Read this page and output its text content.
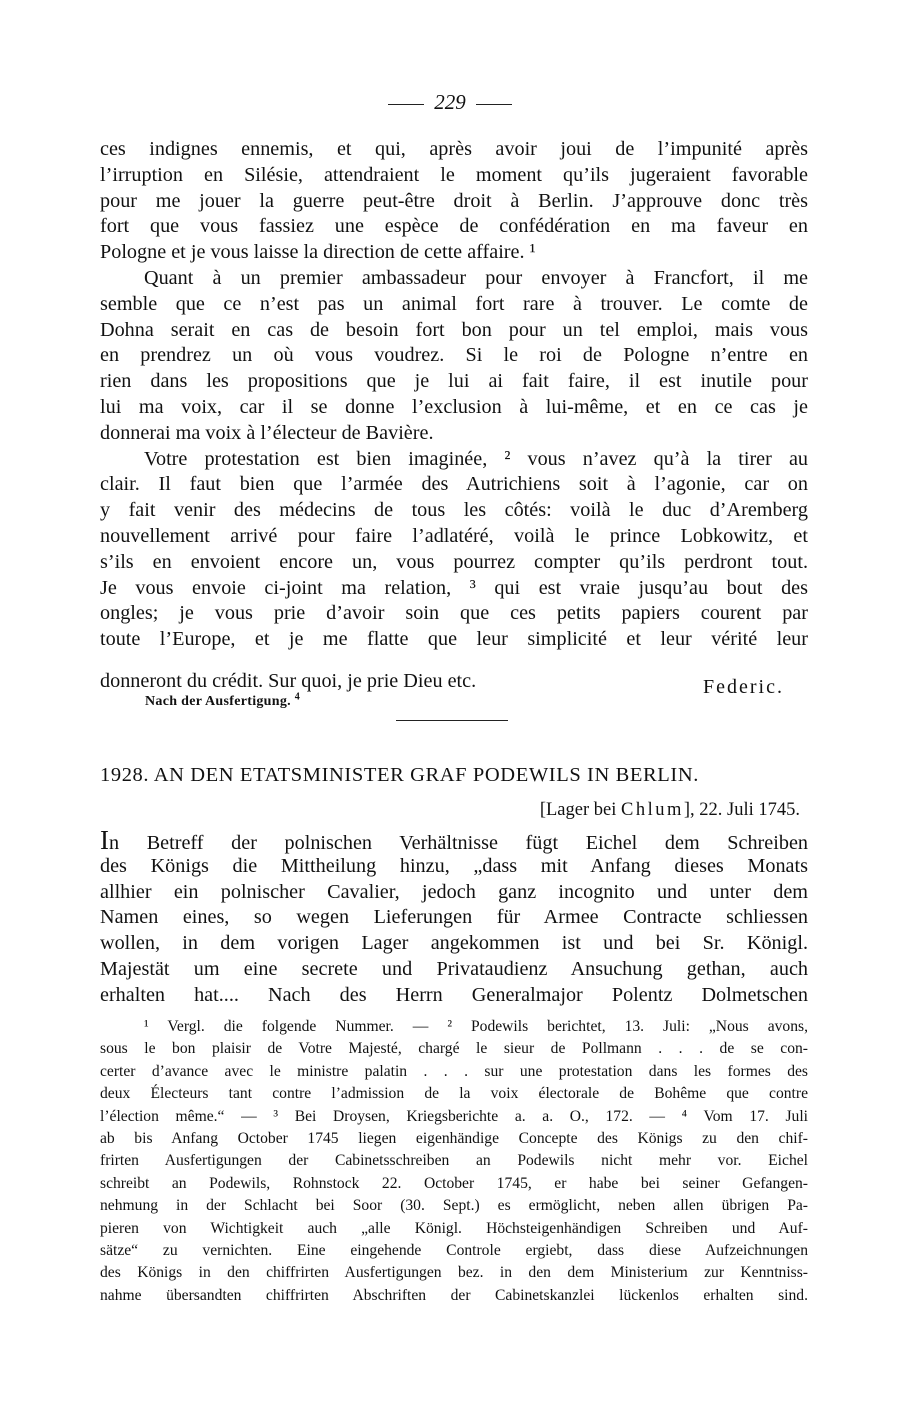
229
ces indignes ennemis, et qui, après avoir joui de l’impunité après
l’irruption en Silésie, attendraient le moment qu’ils jugeraient favorable
pour me jouer la guerre peut-être droit à Berlin. J’approuve donc très
fort que vous fassiez une espèce de confédération en ma faveur en
Pologne et je vous laisse la direction de cette affaire. ¹
Quant à un premier ambassadeur pour envoyer à Francfort, il me
semble que ce n’est pas un animal fort rare à trouver. Le comte de
Dohna serait en cas de besoin fort bon pour un tel emploi, mais vous
en prendrez un où vous voudrez. Si le roi de Pologne n’entre en
rien dans les propositions que je lui ai fait faire, il est inutile pour
lui ma voix, car il se donne l’exclusion à lui-même, et en ce cas je
donnerai ma voix à l’électeur de Bavière.
Votre protestation est bien imaginée, ² vous n’avez qu’à la tirer au
clair. Il faut bien que l’armée des Autrichiens soit à l’agonie, car on
y fait venir des médecins de tous les côtés: voilà le duc d’Aremberg
nouvellement arrivé pour faire l’adlatéré, voilà le prince Lobkowitz, et
s’ils en envoient encore un, vous pourrez compter qu’ils perdront tout.
Je vous envoie ci-joint ma relation, ³ qui est vraie jusqu’au bout des
ongles; je vous prie d’avoir soin que ces petits papiers courent par
toute l’Europe, et je me flatte que leur simplicité et leur vérité leur
donneront du crédit. Sur quoi, je prie Dieu etc.	Federic.
Nach der Ausfertigung. $^4$
1928. AN DEN ETATSMINISTER GRAF PODEWILS IN BERLIN.
[Lager bei Chlum], 22. Juli 1745.
In Betreff der polnischen Verhältnisse fügt Eichel dem Schreiben
des Königs die Mittheilung hinzu, „dass mit Anfang dieses Monats
allhier ein polnischer Cavalier, jedoch ganz incognito und unter dem
Namen eines, so wegen Lieferungen für Armee Contracte schliessen
wollen, in dem vorigen Lager angekommen ist und bei Sr. Königl.
Majestät um eine secrete und Privataudienz Ansuchung gethan, auch
erhalten hat.... Nach des Herrn Generalmajor Polentz Dolmetschen
¹ Vergl. die folgende Nummer. — ² Podewils berichtet, 13. Juli: „Nous avons,
sous le bon plaisir de Votre Majesté, chargé le sieur de Pollmann . . . de se con-
certer d’avance avec le ministre palatin . . . sur une protestation dans les formes des
deux Électeurs tant contre l’admission de la voix électorale de Bohême que contre
l’élection même.“ — ³ Bei Droysen, Kriegsberichte a. a. O., 172. — ⁴ Vom 17. Juli
ab bis Anfang October 1745 liegen eigenhändige Concepte des Königs zu den chif-
frirten Ausfertigungen der Cabinetsschreiben an Podewils nicht mehr vor. Eichel
schreibt an Podewils, Rohnstock 22. October 1745, er habe bei seiner Gefangen-
nehmung in der Schlacht bei Soor (30. Sept.) es ermöglicht, neben allen übrigen Pa-
pieren von Wichtigkeit auch „alle Königl. Höchsteigenhändigen Schreiben und Auf-
sätze“ zu vernichten. Eine eingehende Controle ergiebt, dass diese Aufzeichnungen
des Königs in den chiffrirten Ausfertigungen bez. in den dem Ministerium zur Kenntniss-
nahme übersandten chiffrirten Abschriften der Cabinetskanzlei lückenlos erhalten sind.
